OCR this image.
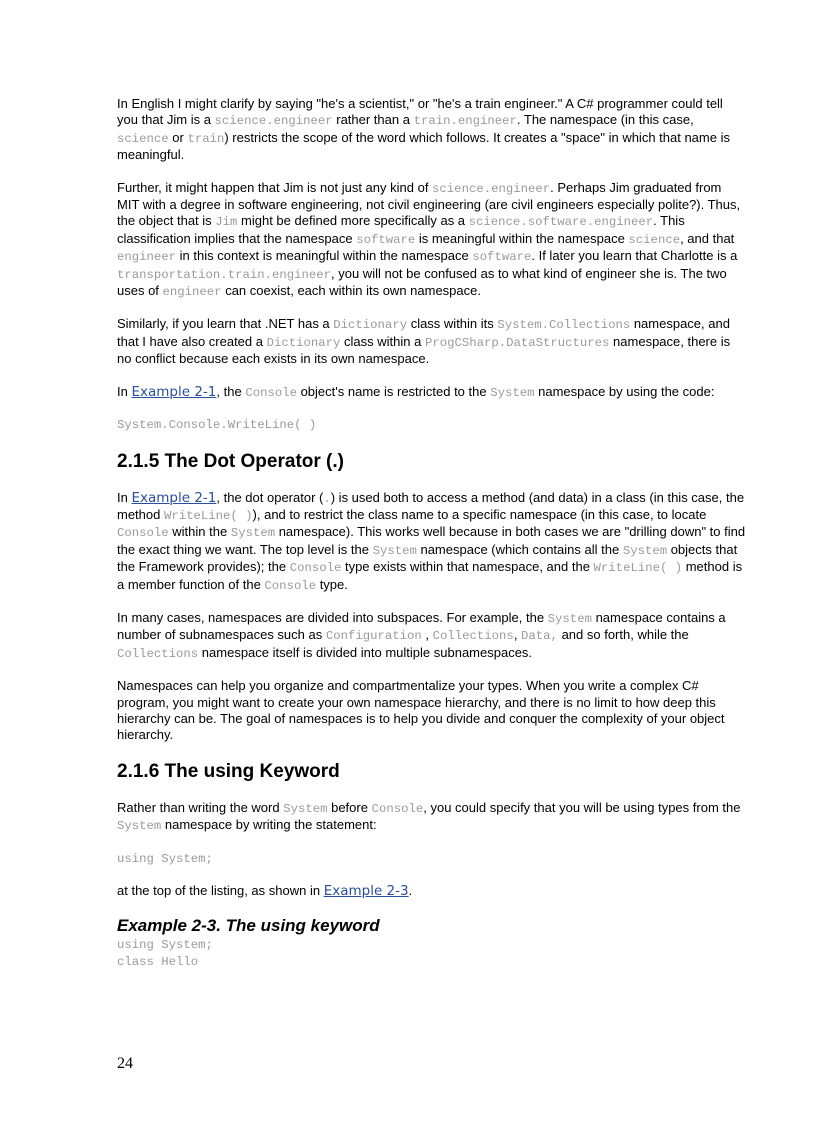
In English I might clarify by saying "he's a scientist," or "he's a train engineer." A C# programmer could tell you that Jim is a science.engineer rather than a train.engineer. The namespace (in this case, science or train) restricts the scope of the word which follows. It creates a "space" in which that name is meaningful.

Further, it might happen that Jim is not just any kind of science.engineer. Perhaps Jim graduated from MIT with a degree in software engineering, not civil engineering (are civil engineers especially polite?). Thus, the object that is Jim might be defined more specifically as a science.software.engineer. This classification implies that the namespace software is meaningful within the namespace science, and that engineer in this context is meaningful within the namespace software. If later you learn that Charlotte is a transportation.train.engineer, you will not be confused as to what kind of engineer she is. The two uses of engineer can coexist, each within its own namespace.

Similarly, if you learn that .NET has a Dictionary class within its System.Collections namespace, and that I have also created a Dictionary class within a ProgCSharp.DataStructures namespace, there is no conflict because each exists in its own namespace.

In Example 2-1, the Console object's name is restricted to the System namespace by using the code:

System.Console.WriteLine( )
2.1.5 The Dot Operator (.)

In Example 2-1, the dot operator (.) is used both to access a method (and data) in a class (in this case, the method WriteLine( )), and to restrict the class name to a specific namespace (in this case, to locate Console within the System namespace). This works well because in both cases we are "drilling down" to find the exact thing we want. The top level is the System namespace (which contains all the System objects that the Framework provides); the Console type exists within that namespace, and the WriteLine( ) method is a member function of the Console type.

In many cases, namespaces are divided into subspaces. For example, the System namespace contains a number of subnamespaces such as Configuration , Collections, Data, and so forth, while the Collections namespace itself is divided into multiple subnamespaces.

Namespaces can help you organize and compartmentalize your types. When you write a complex C# program, you might want to create your own namespace hierarchy, and there is no limit to how deep this hierarchy can be. The goal of namespaces is to help you divide and conquer the complexity of your object hierarchy.

2.1.6 The using Keyword

Rather than writing the word System before Console, you could specify that you will be using types from the System namespace by writing the statement:

using System;

at the top of the listing, as shown in Example 2-3.

Example 2-3. The using keyword
using System;
class Hello
24
